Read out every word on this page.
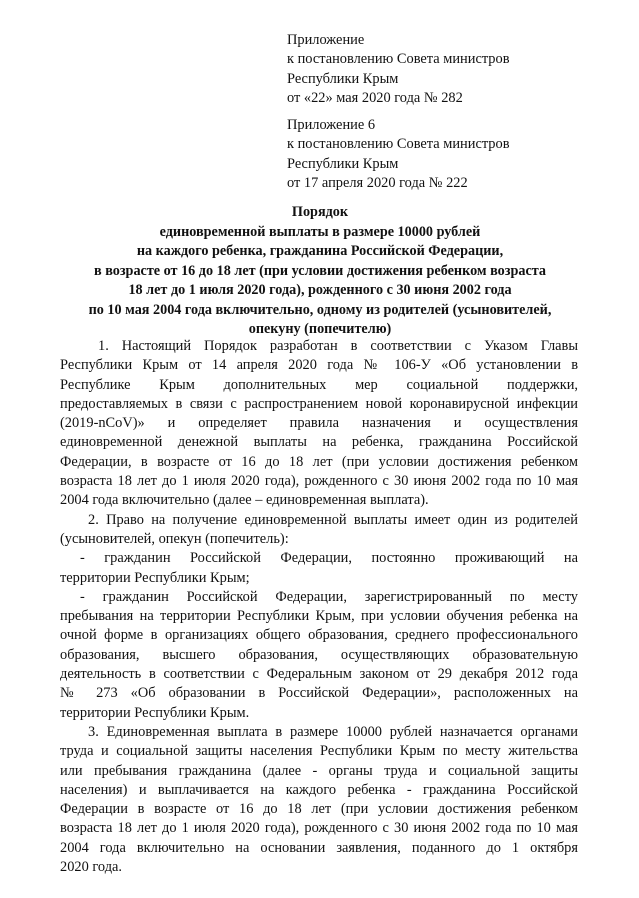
Приложение
к постановлению Совета министров
Республики Крым
от «22» мая 2020 года № 282
Приложение 6
к постановлению Совета министров
Республики Крым
от 17 апреля 2020 года № 222
Порядок
единовременной выплаты в размере 10000 рублей
на каждого ребенка, гражданина Российской Федерации,
в возрасте от 16 до 18 лет (при условии достижения ребенком возраста
18 лет до 1 июля 2020 года), рожденного с 30 июня 2002 года
по 10 мая 2004 года включительно, одному из родителей (усыновителей,
опекуну (попечителю)
1. Настоящий Порядок разработан в соответствии с Указом Главы
Республики Крым от 14 апреля 2020 года № 106-У «Об установлении в
Республике Крым дополнительных мер социальной поддержки,
предоставляемых в связи с распространением новой коронавирусной инфекции
(2019-nCoV)» и определяет правила назначения и осуществления
единовременной денежной выплаты на ребенка, гражданина Российской
Федерации, в возрасте от 16 до 18 лет (при условии достижения ребенком
возраста 18 лет до 1 июля 2020 года), рожденного с 30 июня 2002 года по 10 мая
2004 года включительно (далее – единовременная выплата).
2. Право на получение единовременной выплаты имеет один из родителей
(усыновителей, опекун (попечитель):
- гражданин Российской Федерации, постоянно проживающий на
территории Республики Крым;
- гражданин Российской Федерации, зарегистрированный по месту
пребывания на территории Республики Крым, при условии обучения ребенка на
очной форме в организациях общего образования, среднего профессионального
образования, высшего образования, осуществляющих образовательную
деятельность в соответствии с Федеральным законом от 29 декабря 2012 года
№ 273 «Об образовании в Российской Федерации», расположенных на
территории Республики Крым.
3. Единовременная выплата в размере 10000 рублей назначается органами
труда и социальной защиты населения Республики Крым по месту жительства
или пребывания гражданина (далее - органы труда и социальной защиты
населения) и выплачивается на каждого ребенка - гражданина Российской
Федерации в возрасте от 16 до 18 лет (при условии достижения ребенком
возраста 18 лет до 1 июля 2020 года), рожденного с 30 июня 2002 года по 10 мая
2004 года включительно на основании заявления, поданного до 1 октября
2020 года.
